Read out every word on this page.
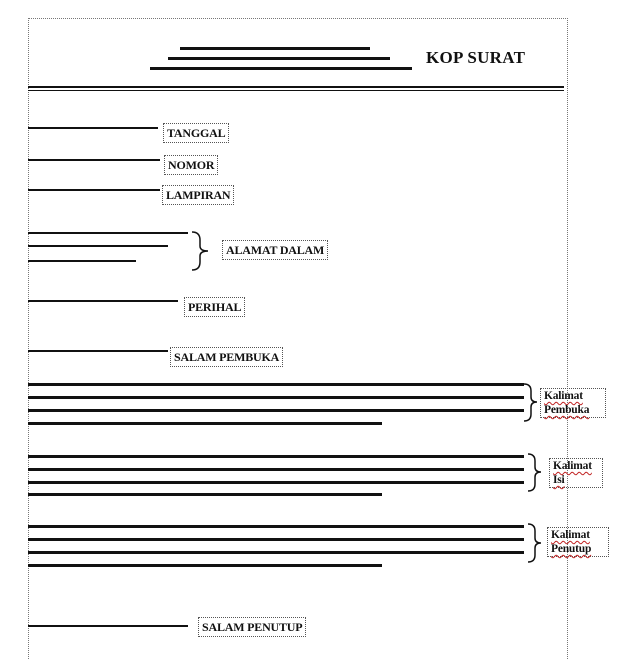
KOP SURAT
TANGGAL
NOMOR
LAMPIRAN
ALAMAT DALAM
PERIHAL
SALAM PEMBUKA
Kalimat Pembuka
Kalimat Isi
Kalimat Penutup
SALAM PENUTUP
